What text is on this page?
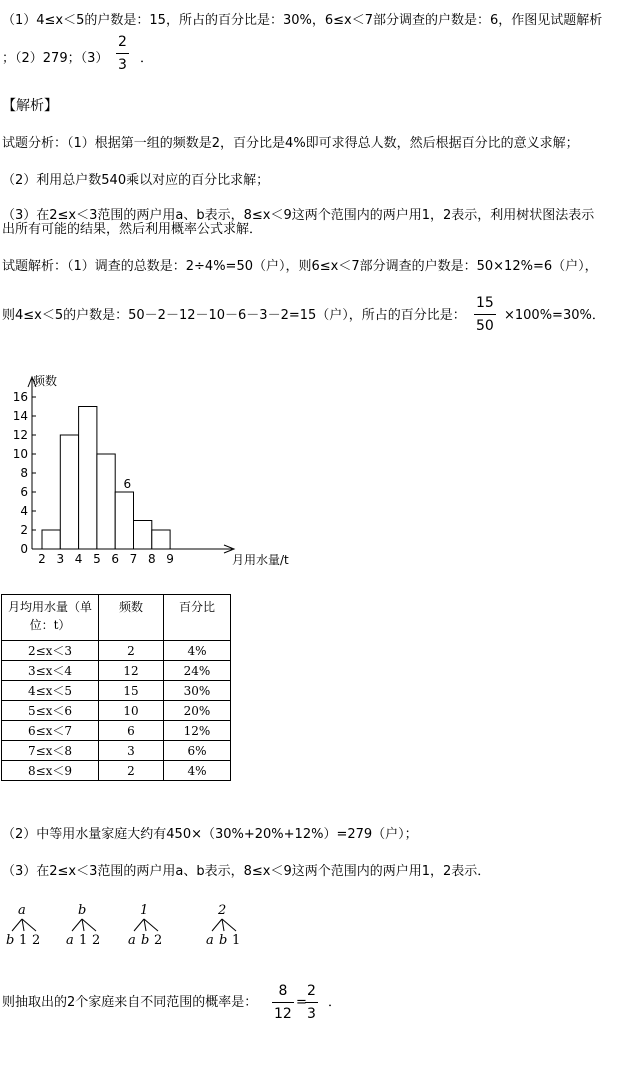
（1）4≤x＜5的户数是：15，所占的百分比是：30%，6≤x＜7部分调查的户数是：6，作图见试题解析
；（2）279；（3）
2
3 ．
【解析】
试题分析：（1）根据第一组的频数是2，百分比是4%即可求得总人数，然后根据百分比的意义求解；
（2）利用总户数540乘以对应的百分比求解；
（3）在2≤x＜3范围的两户用a、b表示，8≤x＜9这两个范围内的两户用1，2表示，利用树状图法表示
出所有可能的结果，然后利用概率公式求解．
试题解析：（1）调查的总数是：2÷4%=50（户），则6≤x＜7部分调查的户数是：50×12%=6（户），
则4≤x＜5的户数是：50－2－12－10－6－3－2=15（户），所占的百分比是：
15
50
×100%=30%．
0
2
4
6
8
10
12
14
16
2 3 4 5 6 7 8 9
频数
月用水量/t
6
月均用水量（单
位：t）	频数	百分比
2≤x＜3	2	4%
3≤x＜4	12	24%
4≤x＜5	15	30%
5≤x＜6	10	20%
6≤x＜7	6	12%
7≤x＜8	3	6%
8≤x＜9	2	4%
（2）中等用水量家庭大约有450×（30%+20%+12%）=279（户）；
（3）在2≤x＜3范围的两户用a、b表示，8≤x＜9这两个范围内的两户用1，2表示．
a
b 1 2
b
a 1 2
1
a b 2
2
a b 1
则抽取出的2个家庭来自不同范围的概率是：
8
12
=
2
3
．
